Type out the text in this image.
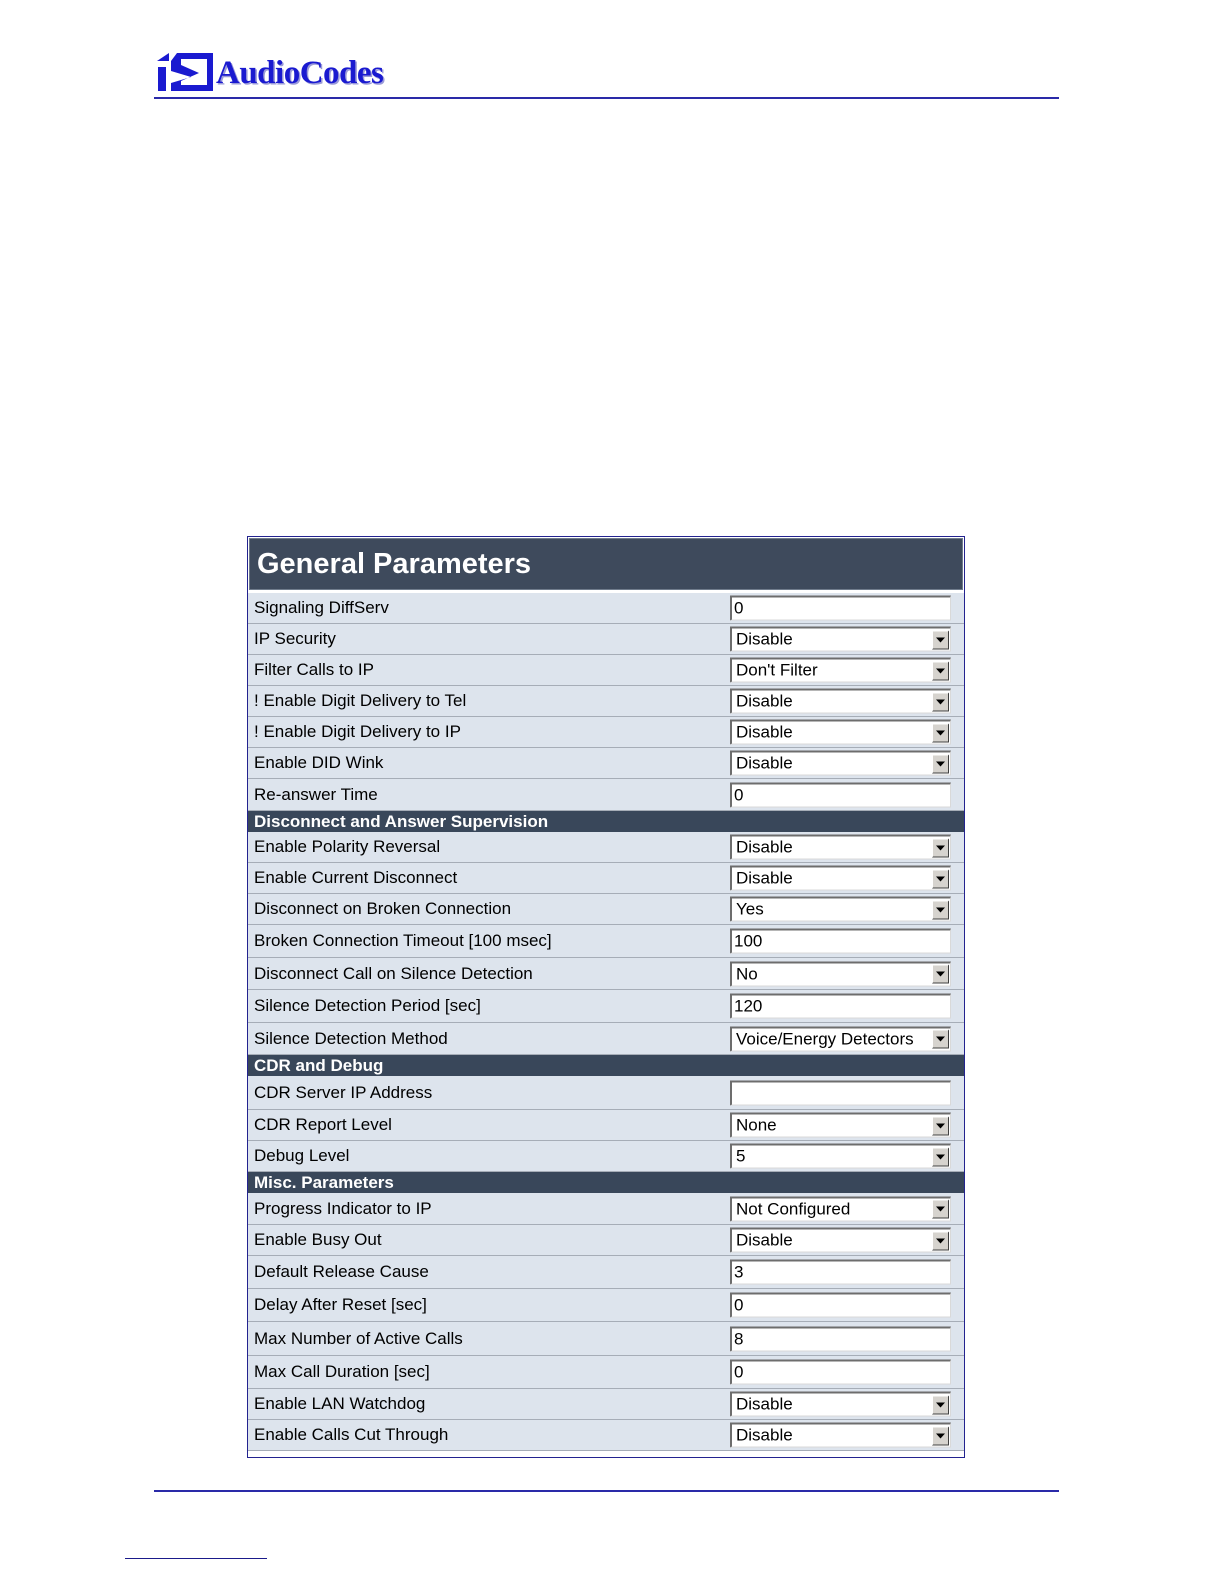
AudioCodes
General Parameters
Signaling DiffServ	0
IP Security	Disable
Filter Calls to IP	Don't Filter
! Enable Digit Delivery to Tel	Disable
! Enable Digit Delivery to IP	Disable
Enable DID Wink	Disable
Re-answer Time	0
Disconnect and Answer Supervision
Enable Polarity Reversal	Disable
Enable Current Disconnect	Disable
Disconnect on Broken Connection	Yes
Broken Connection Timeout [100 msec]	100
Disconnect Call on Silence Detection	No
Silence Detection Period [sec]	120
Silence Detection Method	Voice/Energy Detectors
CDR and Debug
CDR Server IP Address
CDR Report Level	None
Debug Level	5
Misc. Parameters
Progress Indicator to IP	Not Configured
Enable Busy Out	Disable
Default Release Cause	3
Delay After Reset [sec]	0
Max Number of Active Calls	8
Max Call Duration [sec]	0
Enable LAN Watchdog	Disable
Enable Calls Cut Through	Disable
